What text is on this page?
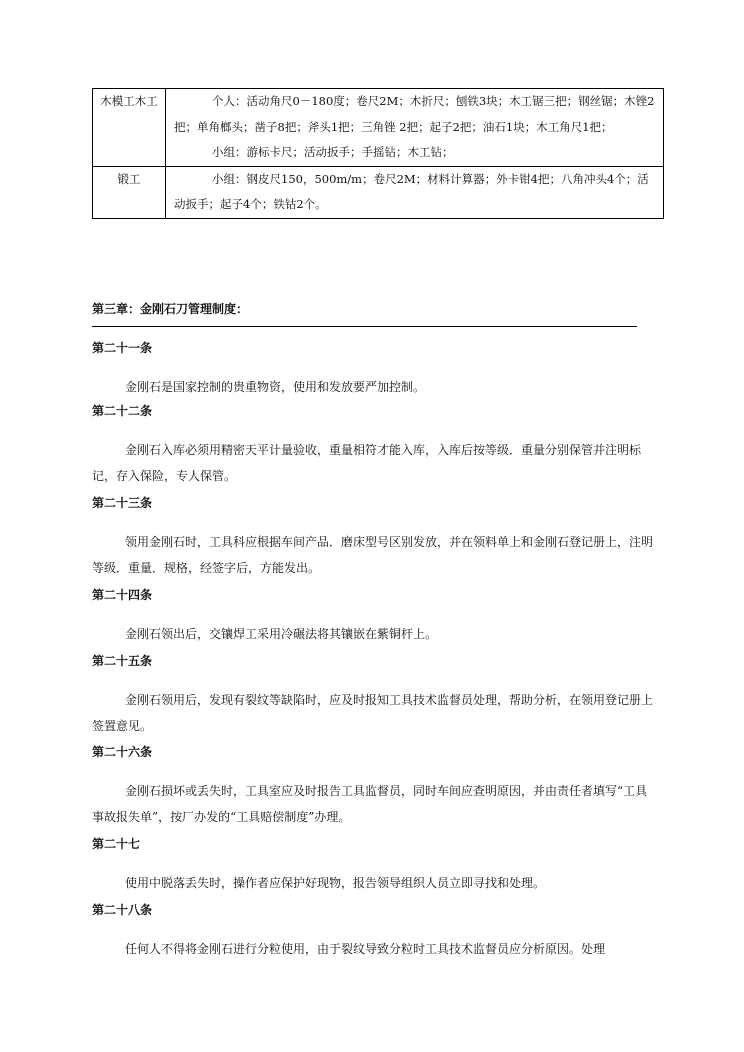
木模工木工	个人：活动角尺0－180度；卷尺2M；木折尺；刨铁3块；木工锯三把；钢丝锯；木锉2把；单角榔头；凿子8把；斧头1把；三角锉 2把；起子2把；油石1块；木工角尺1把；

小组：游标卡尺；活动扳手；手摇钻；木工钻；

锻工	小组：钢皮尺150，500m/m；卷尺2M；材料计算器；外卡钳4把；八角冲头4个；活动扳手；起子4个；铁钴2个。

第三章：金刚石刀管理制度：
第二十一条

金刚石是国家控制的贵重物资，使用和发放要严加控制。

第二十二条

金刚石入库必须用精密天平计量验收，重量相符才能入库，入库后按等级．重量分别保管并注明标记，存入保险，专人保管。

第二十三条

领用金刚石时，工具科应根据车间产品．磨床型号区别发放，并在领料单上和金刚石登记册上，注明等级．重量．规格，经签字后，方能发出。

第二十四条

金刚石领出后，交镶焊工采用冷碾法将其镶嵌在紫铜杆上。

第二十五条

金刚石领用后，发现有裂纹等缺陷时，应及时报知工具技术监督员处理，帮助分析，在领用登记册上签置意见。

第二十六条

金刚石损坏或丢失时，工具室应及时报告工具监督员，同时车间应查明原因，并由责任者填写“工具事故报失单”，按厂办发的“工具赔偿制度”办理。

第二十七

使用中脱落丢失时，操作者应保护好现物，报告领导组织人员立即寻找和处理。

第二十八条

任何人不得将金刚石进行分粒使用，由于裂纹导致分粒时工具技术监督员应分析原因。处理
